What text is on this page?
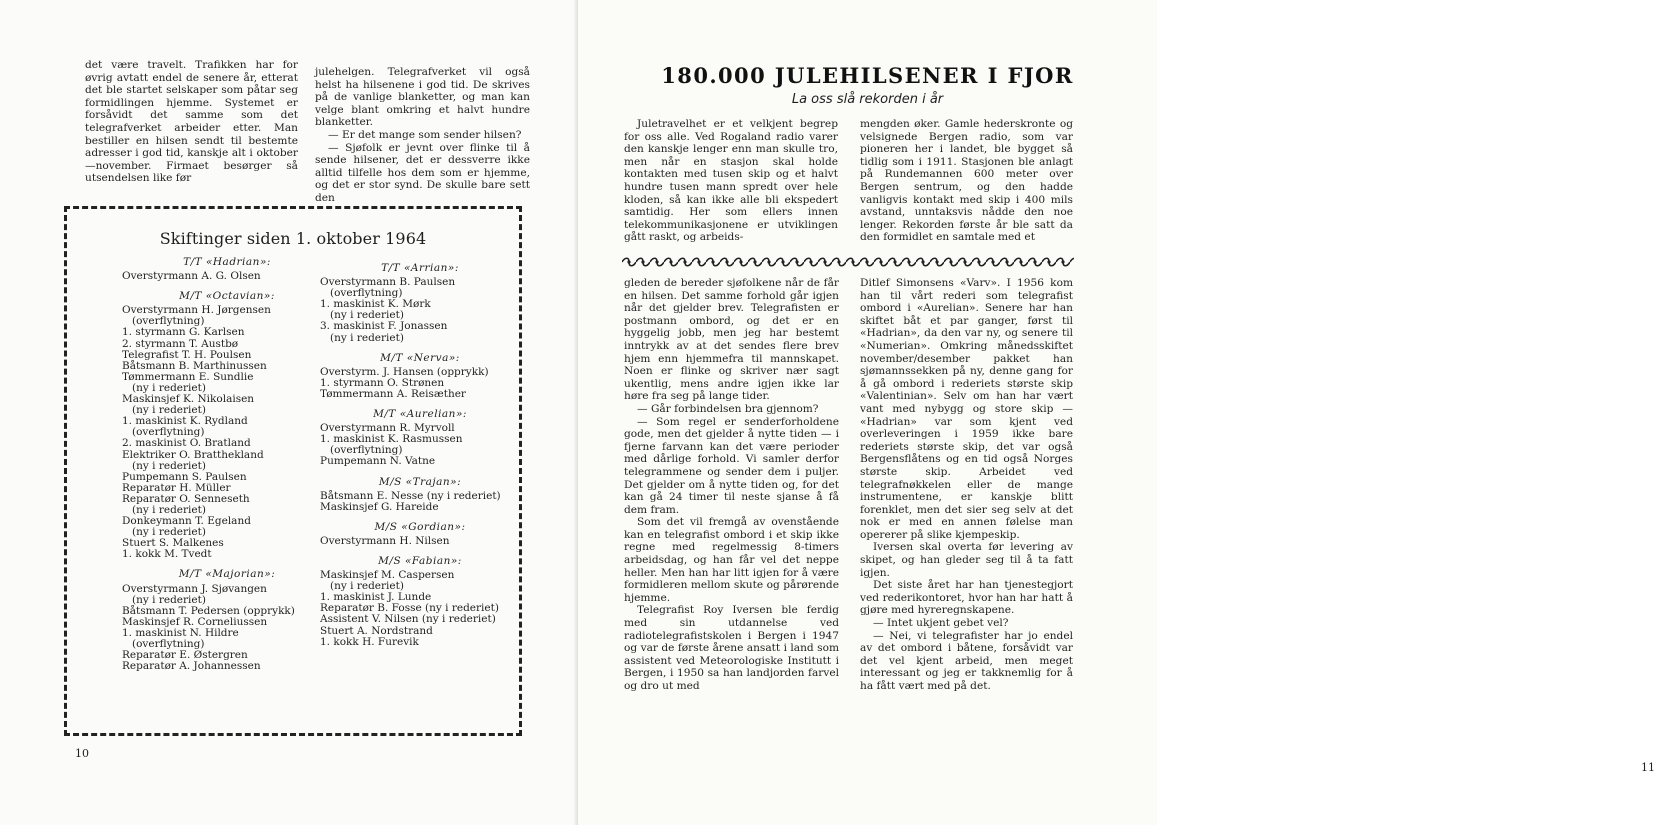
det være travelt. Trafikken har for øvrig avtatt endel de senere år, etterat det ble startet selskaper som påtar seg formidlingen hjemme. Systemet er forsåvidt det samme som det telegrafverket arbeider etter. Man bestiller en hilsen sendt til bestemte adresser i god tid, kanskje alt i oktober—november. Firmaet besørger så utsendelsen like før

julehelgen. Telegrafverket vil også helst ha hilsenene i god tid. De skrives på de vanlige blanketter, og man kan velge blant omkring et halvt hundre blanketter.

— Er det mange som sender hilsen?

— Sjøfolk er jevnt over flinke til å sende hilsener, det er dessverre ikke alltid tilfelle hos dem som er hjemme, og det er stor synd. De skulle bare sett den

Skiftinger siden 1. oktober 1964
T/T «Hadrian»:
Overstyrmann A. G. Olsen
M/T «Octavian»:
Overstyrmann H. Jørgensen
(overflytning)
1. styrmann G. Karlsen
2. styrmann T. Austbø
Telegrafist T. H. Poulsen
Båtsmann B. Marthinussen
Tømmermann E. Sundlie
(ny i rederiet)
Maskinsjef K. Nikolaisen
(ny i rederiet)
1. maskinist K. Rydland
(overflytning)
2. maskinist O. Bratland
Elektriker O. Bratthekland
(ny i rederiet)
Pumpemann S. Paulsen
Reparatør H. Müller
Reparatør O. Senneseth
(ny i rederiet)
Donkeymann T. Egeland
(ny i rederiet)
Stuert S. Malkenes
1. kokk M. Tvedt
M/T «Majorian»:
Overstyrmann J. Sjøvangen
(ny i rederiet)
Båtsmann T. Pedersen (opprykk)
Maskinsjef R. Corneliussen
1. maskinist N. Hildre
(overflytning)
Reparatør E. Østergren
Reparatør A. Johannessen
T/T «Arrian»:
Overstyrmann B. Paulsen
(overflytning)
1. maskinist K. Mørk
(ny i rederiet)
3. maskinist F. Jonassen
(ny i rederiet)
M/T «Nerva»:
Overstyrm. J. Hansen (opprykk)
1. styrmann O. Strønen
Tømmermann A. Reisæther
M/T «Aurelian»:
Overstyrmann R. Myrvoll
1. maskinist K. Rasmussen
(overflytning)
Pumpemann N. Vatne
M/S «Trajan»:
Båtsmann E. Nesse (ny i rederiet)
Maskinsjef G. Hareide
M/S «Gordian»:
Overstyrmann H. Nilsen
M/S «Fabian»:
Maskinsjef M. Caspersen
(ny i rederiet)
1. maskinist J. Lunde
Reparatør B. Fosse (ny i rederiet)
Assistent V. Nilsen (ny i rederiet)
Stuert A. Nordstrand
1. kokk H. Furevik
10
180.000 JULEHILSENER I FJOR
La oss slå rekorden i år

Juletravelhet er et velkjent begrep for oss alle. Ved Rogaland radio varer den kanskje lenger enn man skulle tro, men når en stasjon skal holde kontakten med tusen skip og et halvt hundre tusen mann spredt over hele kloden, så kan ikke alle bli ekspedert samtidig. Her som ellers innen telekommunikasjonene er utviklingen gått raskt, og arbeids-

mengden øker. Gamle hederskronte og velsignede Bergen radio, som var pioneren her i landet, ble bygget så tidlig som i 1911. Stasjonen ble anlagt på Rundemannen 600 meter over Bergen sentrum, og den hadde vanligvis kontakt med skip i 400 mils avstand, unntaksvis nådde den noe lenger. Rekorden første år ble satt da den formidlet en samtale med et

gleden de bereder sjøfolkene når de får en hilsen. Det samme forhold går igjen når det gjelder brev. Telegrafisten er postmann ombord, og det er en hyggelig jobb, men jeg har bestemt inntrykk av at det sendes flere brev hjem enn hjemmefra til mannskapet. Noen er flinke og skriver nær sagt ukentlig, mens andre igjen ikke lar høre fra seg på lange tider.

— Går forbindelsen bra gjennom?

— Som regel er senderforholdene gode, men det gjelder å nytte tiden — i fjerne farvann kan det være perioder med dårlige forhold. Vi samler derfor telegrammene og sender dem i puljer. Det gjelder om å nytte tiden og, for det kan gå 24 timer til neste sjanse å få dem fram.

Som det vil fremgå av ovenstående kan en telegrafist ombord i et skip ikke regne med regelmessig 8-timers arbeidsdag, og han får vel det neppe heller. Men han har litt igjen for å være formidleren mellom skute og pårørende hjemme.

Telegrafist Roy Iversen ble ferdig med sin utdannelse ved radiotelegrafistskolen i Bergen i 1947 og var de første årene ansatt i land som assistent ved Meteorologiske Institutt i Bergen, i 1950 sa han landjorden farvel og dro ut med

Ditlef Simonsens «Varv». I 1956 kom han til vårt rederi som telegrafist ombord i «Aurelian». Senere har han skiftet båt et par ganger, først til «Hadrian», da den var ny, og senere til «Numerian». Omkring månedsskiftet november/desember pakket han sjømannssekken på ny, denne gang for å gå ombord i rederiets største skip «Valentinian». Selv om han har vært vant med nybygg og store skip — «Hadrian» var som kjent ved overleveringen i 1959 ikke bare rederiets største skip, det var også Bergensflåtens og en tid også Norges største skip. Arbeidet ved telegrafnøkkelen eller de mange instrumentene, er kanskje blitt forenklet, men det sier seg selv at det nok er med en annen følelse man opererer på slike kjempeskip.

Iversen skal overta før levering av skipet, og han gleder seg til å ta fatt igjen.

Det siste året har han tjenestegjort ved rederikontoret, hvor han har hatt å gjøre med hyreregnskapene.

— Intet ukjent gebet vel?

— Nei, vi telegrafister har jo endel av det ombord i båtene, forsåvidt var det vel kjent arbeid, men meget interessant og jeg er takknemlig for å ha fått vært med på det.

11
